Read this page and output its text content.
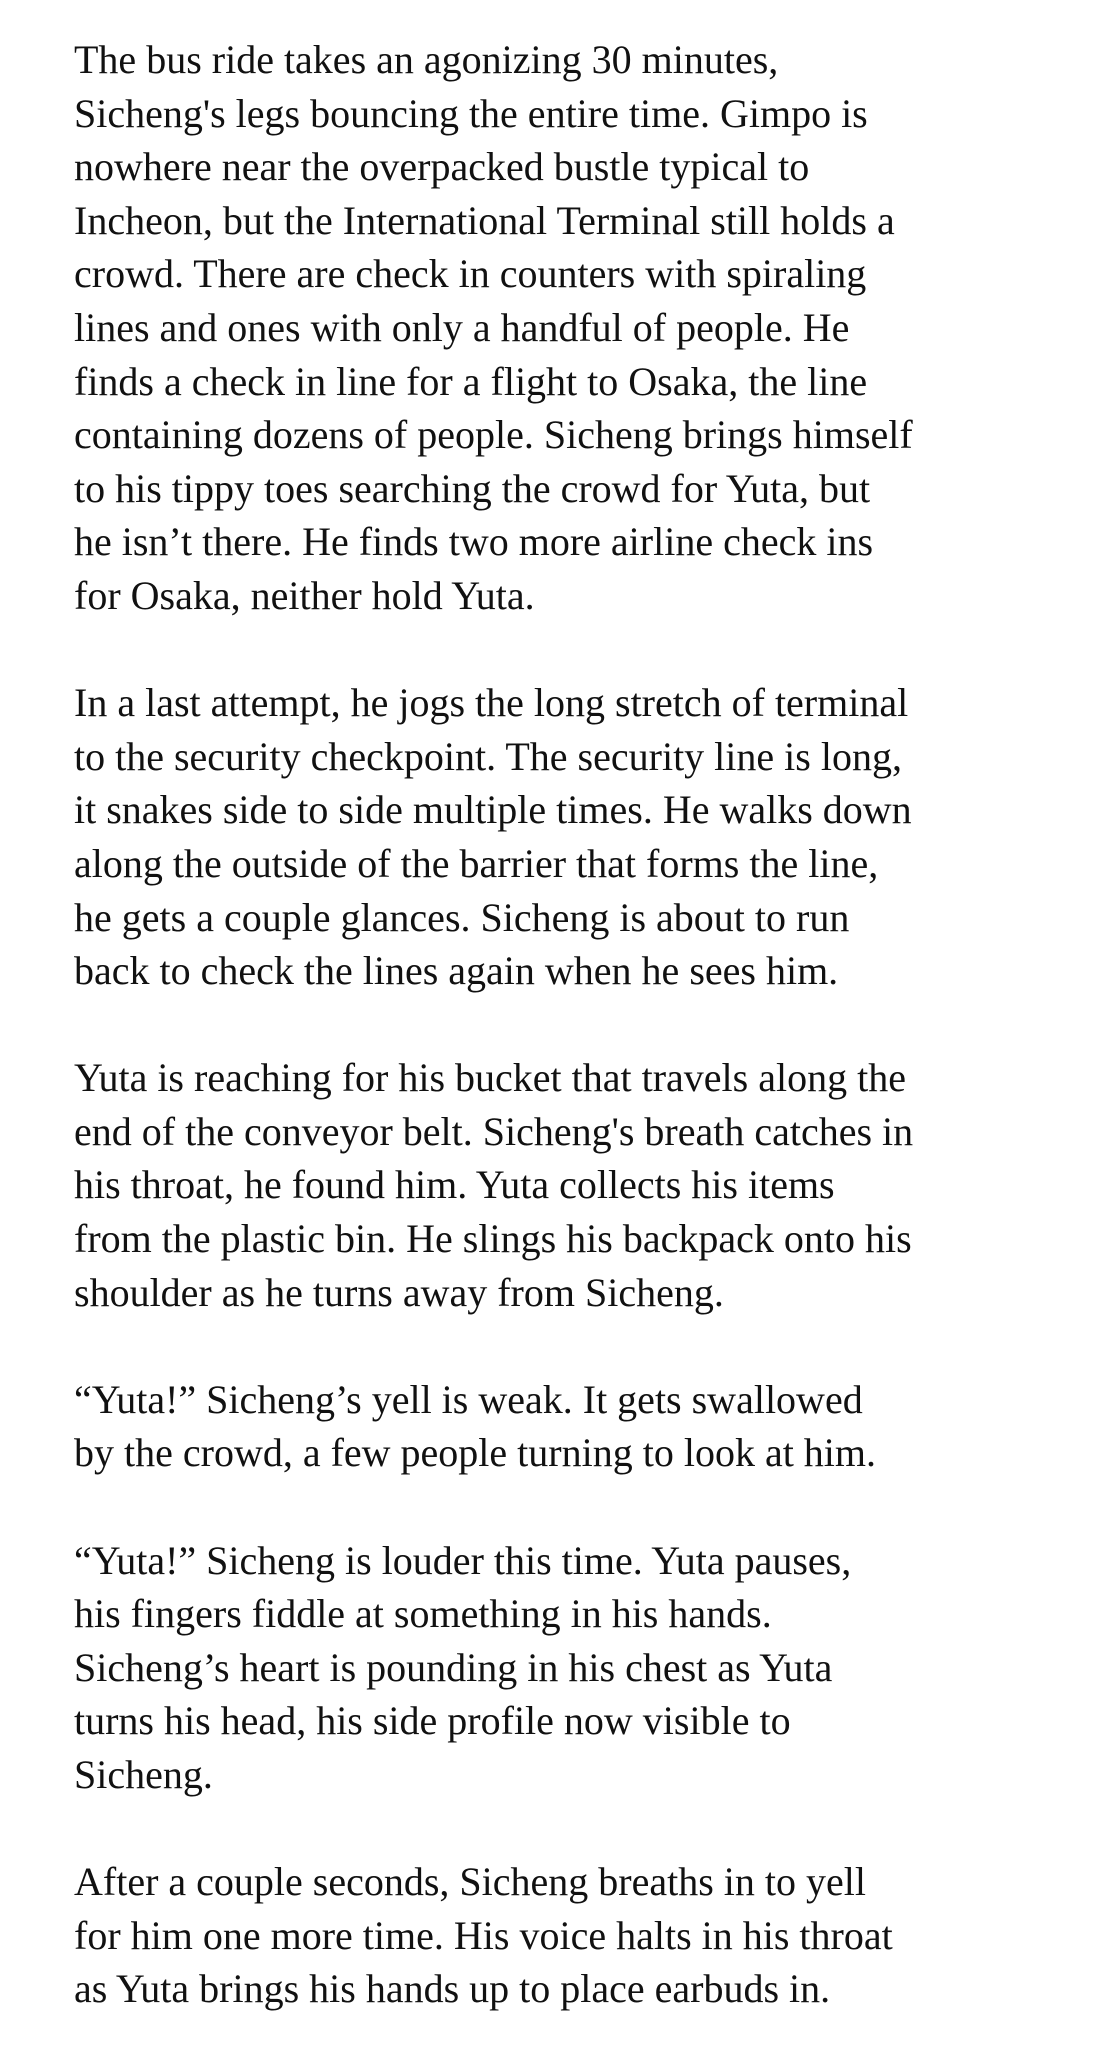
The bus ride takes an agonizing 30 minutes,
Sicheng's legs bouncing the entire time. Gimpo is
nowhere near the overpacked bustle typical to
Incheon, but the International Terminal still holds a
crowd. There are check in counters with spiraling
lines and ones with only a handful of people. He
finds a check in line for a flight to Osaka, the line
containing dozens of people. Sicheng brings himself
to his tippy toes searching the crowd for Yuta, but
he isn’t there. He finds two more airline check ins
for Osaka, neither hold Yuta.
In a last attempt, he jogs the long stretch of terminal
to the security checkpoint. The security line is long,
it snakes side to side multiple times. He walks down
along the outside of the barrier that forms the line,
he gets a couple glances. Sicheng is about to run
back to check the lines again when he sees him.
Yuta is reaching for his bucket that travels along the
end of the conveyor belt. Sicheng's breath catches in
his throat, he found him. Yuta collects his items
from the plastic bin. He slings his backpack onto his
shoulder as he turns away from Sicheng.
“Yuta!” Sicheng’s yell is weak. It gets swallowed
by the crowd, a few people turning to look at him.
“Yuta!” Sicheng is louder this time. Yuta pauses,
his fingers fiddle at something in his hands.
Sicheng’s heart is pounding in his chest as Yuta
turns his head, his side profile now visible to
Sicheng.
After a couple seconds, Sicheng breaths in to yell
for him one more time. His voice halts in his throat
as Yuta brings his hands up to place earbuds in.
